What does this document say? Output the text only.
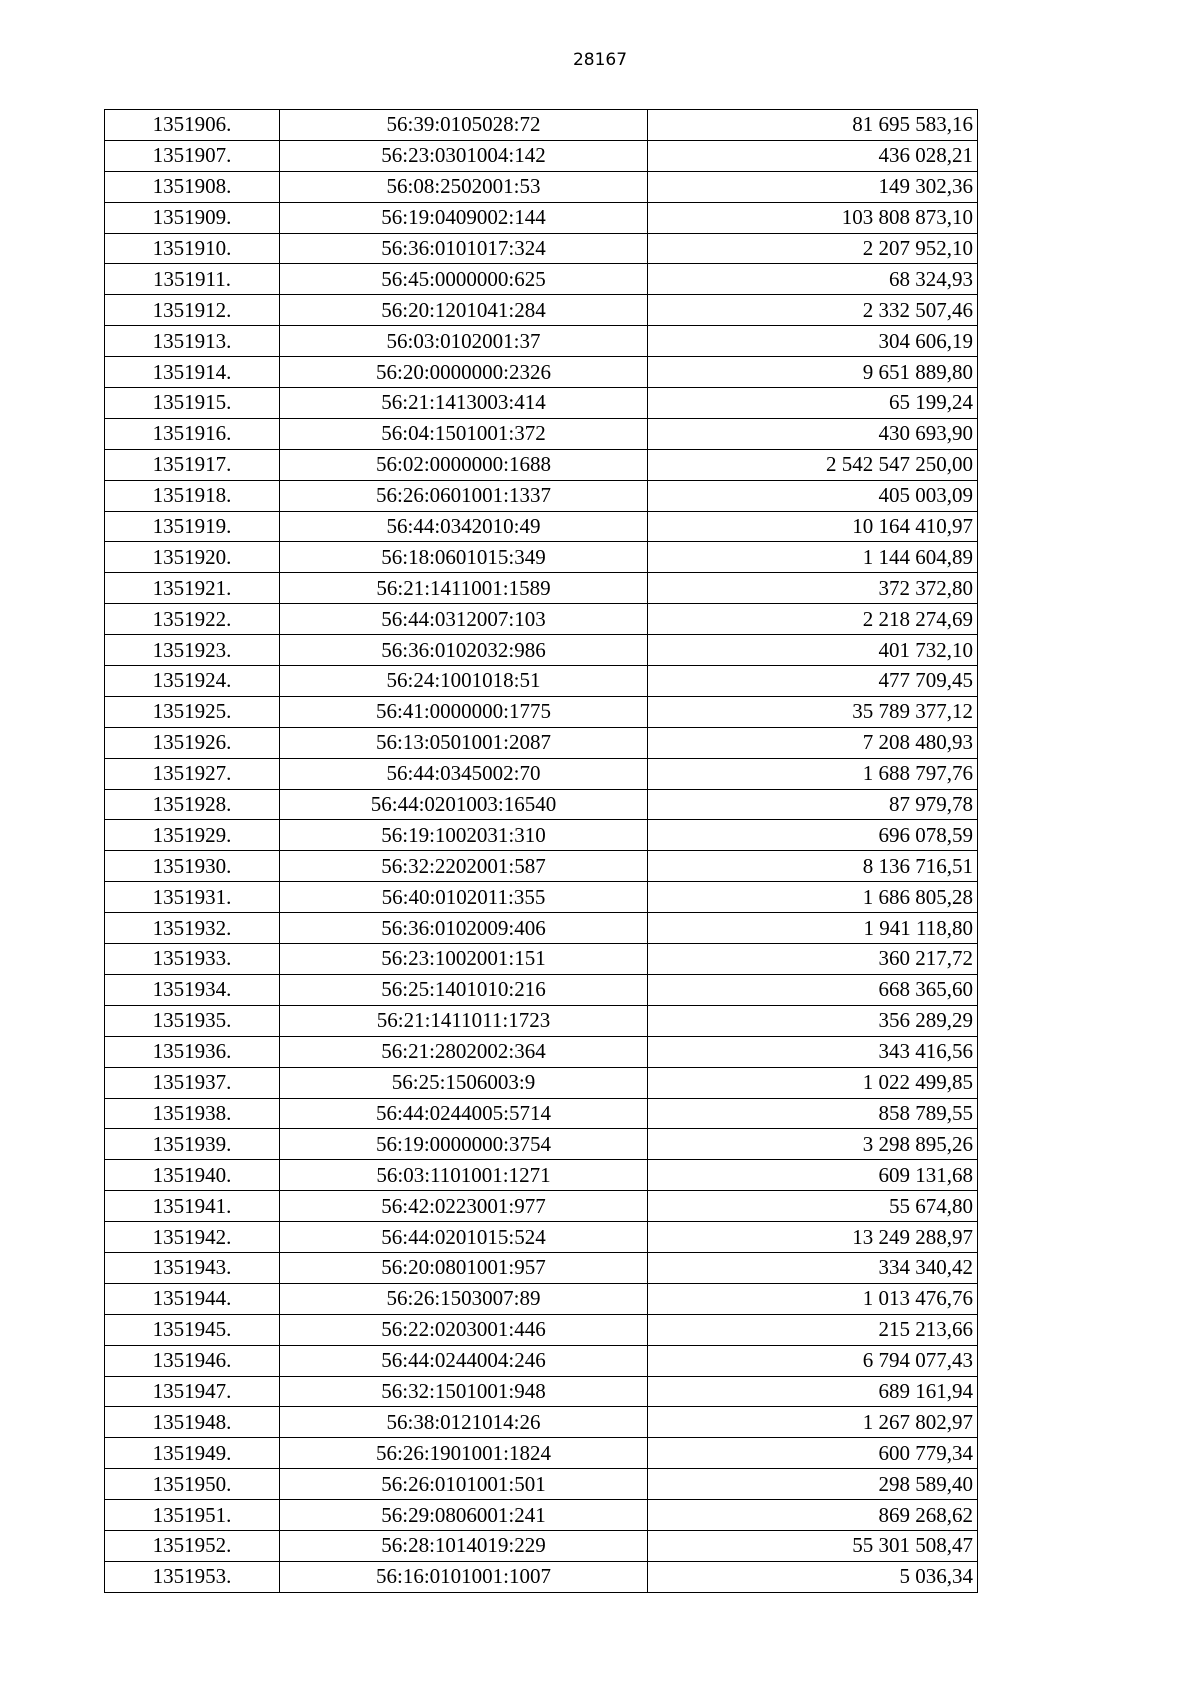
28167
1351906.	56:39:0105028:72	81 695 583,16
1351907.	56:23:0301004:142	436 028,21
1351908.	56:08:2502001:53	149 302,36
1351909.	56:19:0409002:144	103 808 873,10
1351910.	56:36:0101017:324	2 207 952,10
1351911.	56:45:0000000:625	68 324,93
1351912.	56:20:1201041:284	2 332 507,46
1351913.	56:03:0102001:37	304 606,19
1351914.	56:20:0000000:2326	9 651 889,80
1351915.	56:21:1413003:414	65 199,24
1351916.	56:04:1501001:372	430 693,90
1351917.	56:02:0000000:1688	2 542 547 250,00
1351918.	56:26:0601001:1337	405 003,09
1351919.	56:44:0342010:49	10 164 410,97
1351920.	56:18:0601015:349	1 144 604,89
1351921.	56:21:1411001:1589	372 372,80
1351922.	56:44:0312007:103	2 218 274,69
1351923.	56:36:0102032:986	401 732,10
1351924.	56:24:1001018:51	477 709,45
1351925.	56:41:0000000:1775	35 789 377,12
1351926.	56:13:0501001:2087	7 208 480,93
1351927.	56:44:0345002:70	1 688 797,76
1351928.	56:44:0201003:16540	87 979,78
1351929.	56:19:1002031:310	696 078,59
1351930.	56:32:2202001:587	8 136 716,51
1351931.	56:40:0102011:355	1 686 805,28
1351932.	56:36:0102009:406	1 941 118,80
1351933.	56:23:1002001:151	360 217,72
1351934.	56:25:1401010:216	668 365,60
1351935.	56:21:1411011:1723	356 289,29
1351936.	56:21:2802002:364	343 416,56
1351937.	56:25:1506003:9	1 022 499,85
1351938.	56:44:0244005:5714	858 789,55
1351939.	56:19:0000000:3754	3 298 895,26
1351940.	56:03:1101001:1271	609 131,68
1351941.	56:42:0223001:977	55 674,80
1351942.	56:44:0201015:524	13 249 288,97
1351943.	56:20:0801001:957	334 340,42
1351944.	56:26:1503007:89	1 013 476,76
1351945.	56:22:0203001:446	215 213,66
1351946.	56:44:0244004:246	6 794 077,43
1351947.	56:32:1501001:948	689 161,94
1351948.	56:38:0121014:26	1 267 802,97
1351949.	56:26:1901001:1824	600 779,34
1351950.	56:26:0101001:501	298 589,40
1351951.	56:29:0806001:241	869 268,62
1351952.	56:28:1014019:229	55 301 508,47
1351953.	56:16:0101001:1007	5 036,34
